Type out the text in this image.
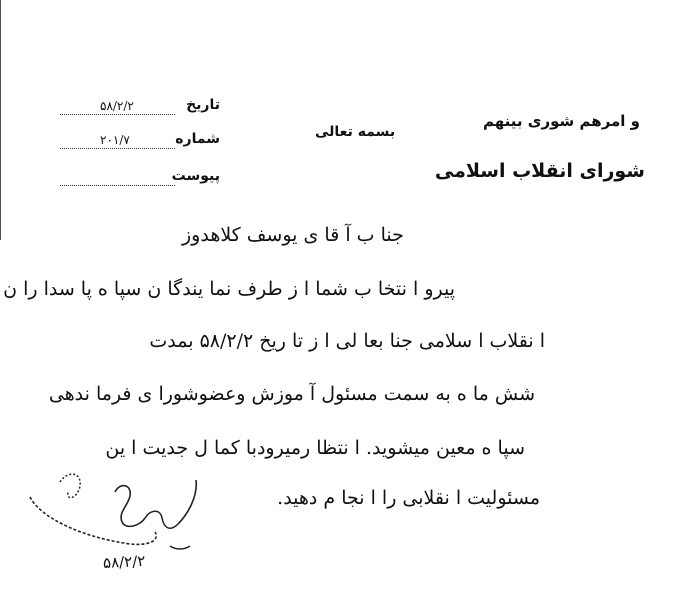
و امرهم شوری بینهم
شورای انقلاب اسلامی
بسمه تعالی
تاریخ
۵۸/۲/۲
شماره
۲۰۱/۷
پیوست
جنا ب آ قا ی یوسف کلاهدوز
پیرو ا نتخا ب شما ا ز طرف نما یندگا ن سپا ه پا سدا را ن
ا نقلاب ا سلامی جنا بعا لی ا ز تا ریخ ۵۸/۲/۲ بمدت
شش ما ه به سمت مسئول آ موزش وعضوشورا ی فرما ندهی
سپا ه معین میشوید. ا نتظا رمیرودبا کما ل جدیت ا ین
مسئولیت ا نقلابی را ا نجا م دهید.
۵۸/۲/۲
